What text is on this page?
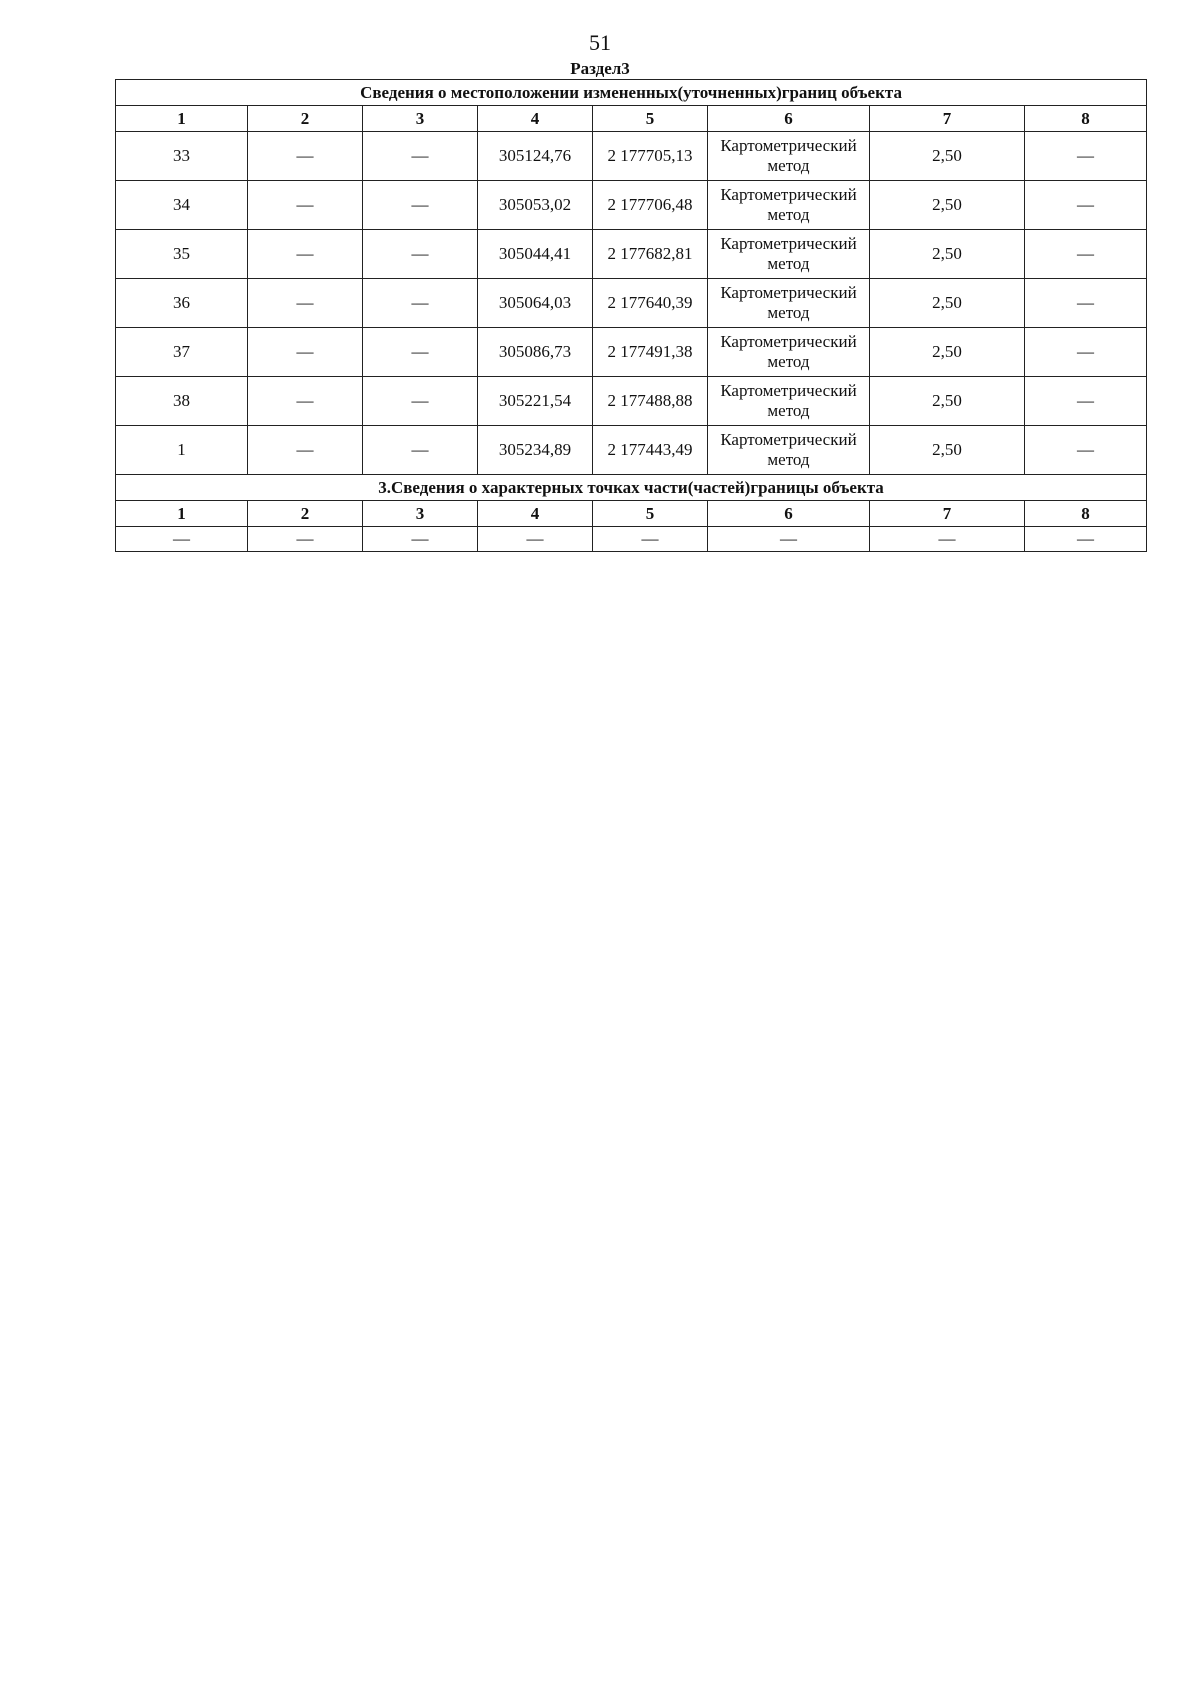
51
Раздел3
Сведения о местоположении измененных(уточненных)границ объекта							
1	2	3	4	5	6	7	8
33	—	—	305124,76	2 177705,13	Картометрический метод	2,50	—
34	—	—	305053,02	2 177706,48	Картометрический метод	2,50	—
35	—	—	305044,41	2 177682,81	Картометрический метод	2,50	—
36	—	—	305064,03	2 177640,39	Картометрический метод	2,50	—
37	—	—	305086,73	2 177491,38	Картометрический метод	2,50	—
38	—	—	305221,54	2 177488,88	Картометрический метод	2,50	—
1	—	—	305234,89	2 177443,49	Картометрический метод	2,50	—
3.Сведения о характерных точках части(частей)границы объекта							
1	2	3	4	5	6	7	8
—	—	—	—	—	—	—	—
